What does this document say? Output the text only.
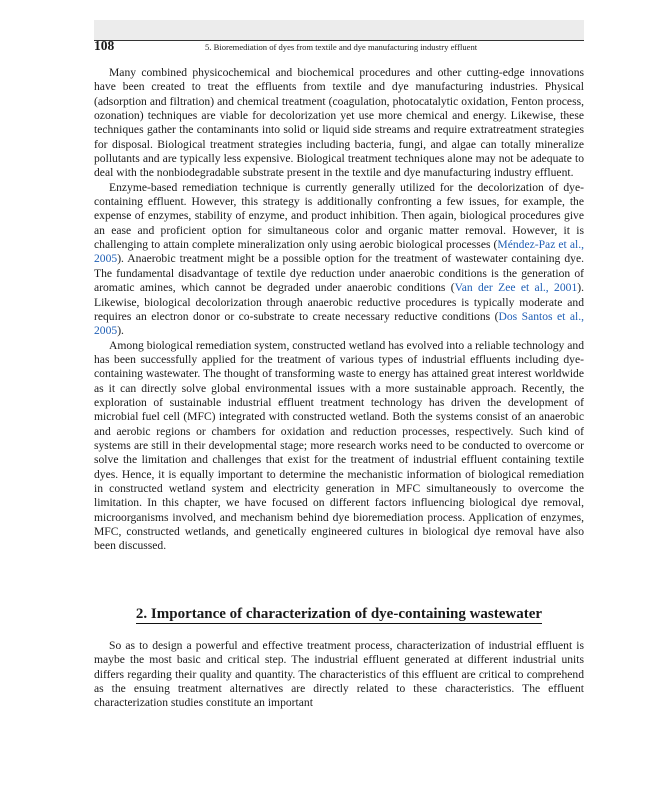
108	5. Bioremediation of dyes from textile and dye manufacturing industry effluent

Many combined physicochemical and biochemical procedures and other cutting-edge innovations have been created to treat the effluents from textile and dye manufacturing industries. Physical (adsorption and filtration) and chemical treatment (coagulation, photocatalytic oxidation, Fenton process, ozonation) techniques are viable for decolorization yet use more chemical and energy. Likewise, these techniques gather the contaminants into solid or liquid side streams and require extratreatment strategies for disposal. Biological treatment strategies including bacteria, fungi, and algae can totally mineralize pollutants and are typically less expensive. Biological treatment techniques alone may not be adequate to deal with the nonbiodegradable substrate present in the textile and dye manufacturing industry effluent.

Enzyme-based remediation technique is currently generally utilized for the decolorization of dye-containing effluent. However, this strategy is additionally confronting a few issues, for example, the expense of enzymes, stability of enzyme, and product inhibition. Then again, biological procedures give an ease and proficient option for simultaneous color and organic matter removal. However, it is challenging to attain complete mineralization only using aerobic biological processes (Méndez-Paz et al., 2005). Anaerobic treatment might be a possible option for the treatment of wastewater containing dye. The fundamental disadvantage of textile dye reduction under anaerobic conditions is the generation of aromatic amines, which cannot be degraded under anaerobic conditions (Van der Zee et al., 2001). Likewise, biological decolorization through anaerobic reductive procedures is typically moderate and requires an electron donor or co-substrate to create necessary reductive conditions (Dos Santos et al., 2005).

Among biological remediation system, constructed wetland has evolved into a reliable technology and has been successfully applied for the treatment of various types of industrial effluents including dye-containing wastewater. The thought of transforming waste to energy has attained great interest worldwide as it can directly solve global environmental issues with a more sustainable approach. Recently, the exploration of sustainable industrial effluent treatment technology has driven the development of microbial fuel cell (MFC) integrated with constructed wetland. Both the systems consist of an anaerobic and aerobic regions or chambers for oxidation and reduction processes, respectively. Such kind of systems are still in their developmental stage; more research works need to be conducted to overcome or solve the limitation and challenges that exist for the treatment of industrial effluent containing textile dyes. Hence, it is equally important to determine the mechanistic information of biological remediation in constructed wetland system and electricity generation in MFC simultaneously to overcome the limitation. In this chapter, we have focused on different factors influencing biological dye removal, microorganisms involved, and mechanism behind dye bioremediation process. Application of enzymes, MFC, constructed wetlands, and genetically engineered cultures in biological dye removal have also been discussed.

2. Importance of characterization of dye-containing wastewater

So as to design a powerful and effective treatment process, characterization of industrial effluent is maybe the most basic and critical step. The industrial effluent generated at different industrial units differs regarding their quality and quantity. The characteristics of this effluent are critical to comprehend as the ensuing treatment alternatives are directly related to these characteristics. The effluent characterization studies constitute an important
